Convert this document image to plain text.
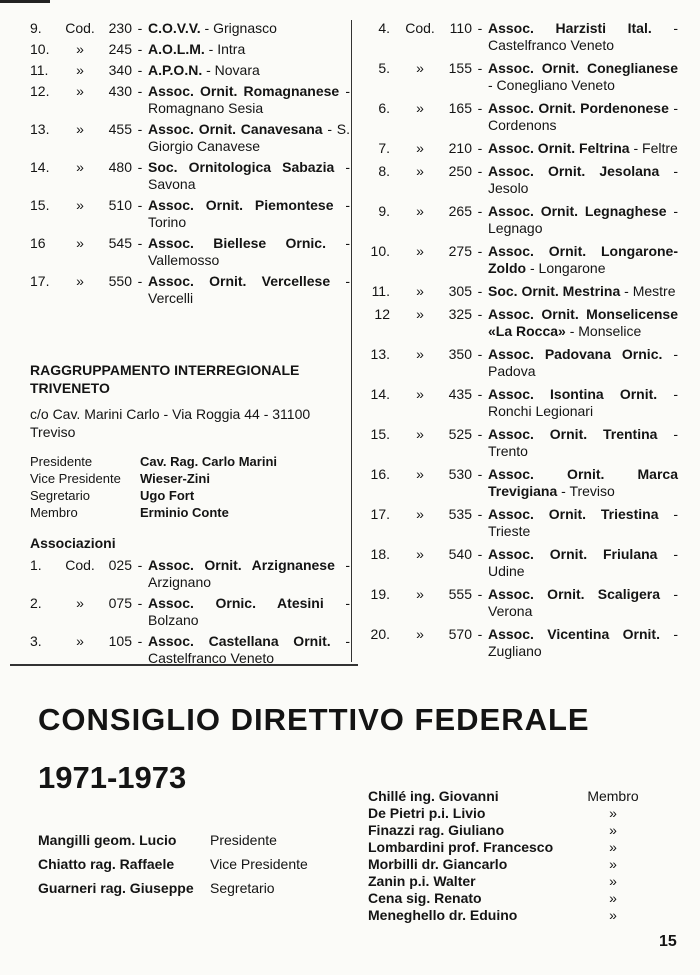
9.	Cod. 230 - C.O.V.V. - Grignasco
10.	»	245 - A.O.L.M. - Intra
11.	»	340 - A.P.O.N. - Novara
12.	»	430 - Assoc. Ornit. Romagnanese - Romagnano Sesia
13.	»	455 - Assoc. Ornit. Canavesana - S. Giorgio Canavese
14.	»	480 - Soc. Ornitologica Sabazia - Savona
15.	»	510 - Assoc. Ornit. Piemontese - Torino
16	»	545 - Assoc. Biellese Ornic. - Vallemosso
17.	»	550 - Assoc. Ornit. Vercellese - Vercelli
RAGGRUPPAMENTO INTERREGIONALE TRIVENETO
c/o Cav. Marini Carlo - Via Roggia 44 - 31100 Treviso
Presidente	Cav. Rag. Carlo Marini
Vice Presidente	Wieser-Zini
Segretario	Ugo Fort
Membro	Erminio Conte
Associazioni
1.	Cod. 025 - Assoc. Ornit. Arzignanese - Arzignano
2.	»	075 - Assoc. Ornic. Atesini - Bolzano
3.	»	105 - Assoc. Castellana Ornit. - Castelfranco Veneto
4.	Cod.	110 - Assoc. Harzisti Ital. - Castelfranco Veneto
5.	»	155 - Assoc. Ornit. Coneglianese - Conegliano Veneto
6.	»	165 - Assoc. Ornit. Pordenonese - Cordenons
7.	»	210 - Assoc. Ornit. Feltrina - Feltre
8.	»	250 - Assoc. Ornit. Jesolana - Jesolo
9.	»	265 - Assoc. Ornit. Legnaghese - Legnago
10.	»	275 - Assoc. Ornit. Longarone-Zoldo - Longarone
11.	»	305 - Soc. Ornit. Mestrina - Mestre
12	»	325 - Assoc. Ornit. Monselicense «La Rocca» - Monselice
13.	»	350 - Assoc. Padovana Ornic. - Padova
14.	»	435 - Assoc. Isontina Ornit. - Ronchi Legionari
15.	»	525 - Assoc. Ornit. Trentina - Trento
16.	»	530 - Assoc. Ornit. Marca Trevigiana - Treviso
17.	»	535 - Assoc. Ornit. Triestina - Trieste
18.	»	540 - Assoc. Ornit. Friulana - Udine
19.	»	555 - Assoc. Ornit. Scaligera - Verona
20.	»	570 - Assoc. Vicentina Ornit. - Zugliano
CONSIGLIO DIRETTIVO FEDERALE
1971-1973
Mangilli geom. Lucio	Presidente
Chiatto rag. Raffaele	Vice Presidente
Guarneri rag. Giuseppe	Segretario
Chillé ing. Giovanni	Membro
De Pietri p.i. Livio	»
Finazzi rag. Giuliano	»
Lombardini prof. Francesco	»
Morbilli dr. Giancarlo	»
Zanin p.i. Walter	»
Cena sig. Renato	»
Meneghello dr. Eduino	»
15
